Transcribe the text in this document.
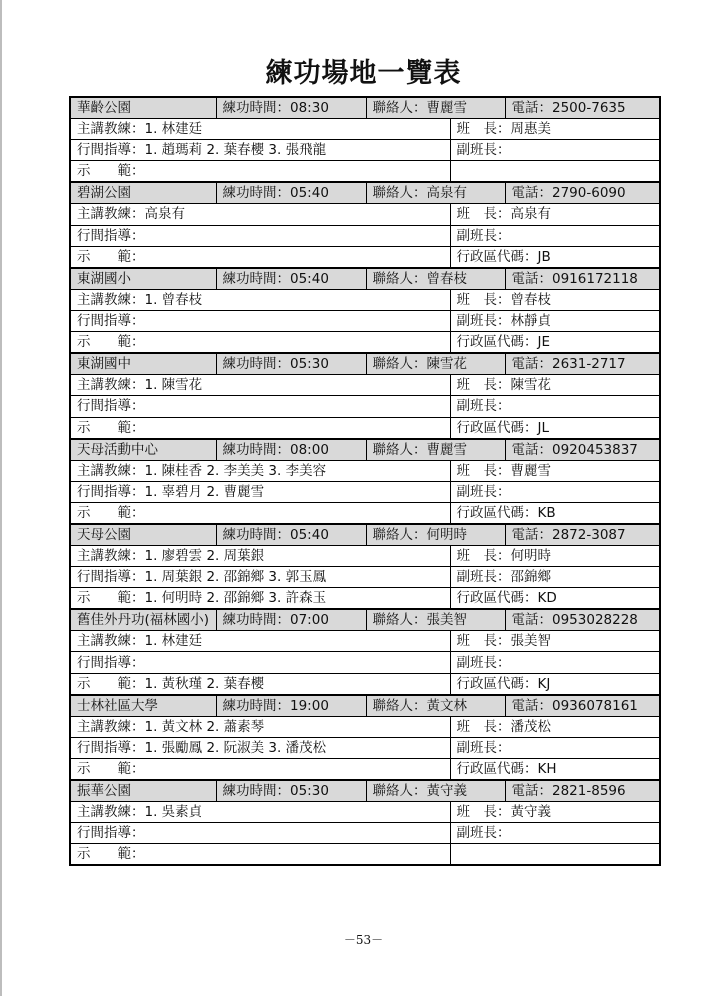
練功場地一覽表
華齡公園	練功時間：08:30	聯絡人：曹麗雪		電話：2500-7635
主講教練：1. 林建廷			班　長：周惠美	
行間指導：1. 趙瑪莉 2. 葉春櫻 3. 張飛龍			副班長：	
示　　範：				
碧湖公園	練功時間：05:40	聯絡人：高泉有		電話：2790-6090
主講教練：高泉有			班　長：高泉有	
行間指導：			副班長：	
示　　範：			行政區代碼：JB	
東湖國小	練功時間：05:40	聯絡人：曾春枝		電話：0916172118
主講教練：1. 曾春枝			班　長：曾春枝	
行間指導：			副班長：林靜貞	
示　　範：			行政區代碼：JE	
東湖國中	練功時間：05:30	聯絡人：陳雪花		電話：2631-2717
主講教練：1. 陳雪花			班　長：陳雪花	
行間指導：			副班長：	
示　　範：			行政區代碼：JL	
天母活動中心	練功時間：08:00	聯絡人：曹麗雪		電話：0920453837
主講教練：1. 陳桂香 2. 李美美 3. 李美容			班　長：曹麗雪	
行間指導：1. 辜碧月 2. 曹麗雪			副班長：	
示　　範：			行政區代碼：KB	
天母公園	練功時間：05:40	聯絡人：何明時		電話：2872-3087
主講教練：1. 廖碧雲 2. 周葉銀			班　長：何明時	
行間指導：1. 周葉銀 2. 邵錦鄉 3. 郭玉鳳			副班長：邵錦鄉	
示　　範：1. 何明時 2. 邵錦鄉 3. 許森玉			行政區代碼：KD	
舊佳外丹功(福林國小)	練功時間：07:00	聯絡人：張美智		電話：0953028228
主講教練：1. 林建廷			班　長：張美智	
行間指導：			副班長：	
示　　範：1. 黃秋瑾 2. 葉春櫻			行政區代碼：KJ	
士林社區大學	練功時間：19:00	聯絡人：黃文林		電話：0936078161
主講教練：1. 黃文林 2. 蕭素琴			班　長：潘茂松	
行間指導：1. 張勵鳳 2. 阮淑美 3. 潘茂松			副班長：	
示　　範：			行政區代碼：KH	
振華公園	練功時間：05:30	聯絡人：黃守義		電話：2821-8596
主講教練：1. 吳素貞			班　長：黃守義	
行間指導：			副班長：	
示　　範：				
－53－
